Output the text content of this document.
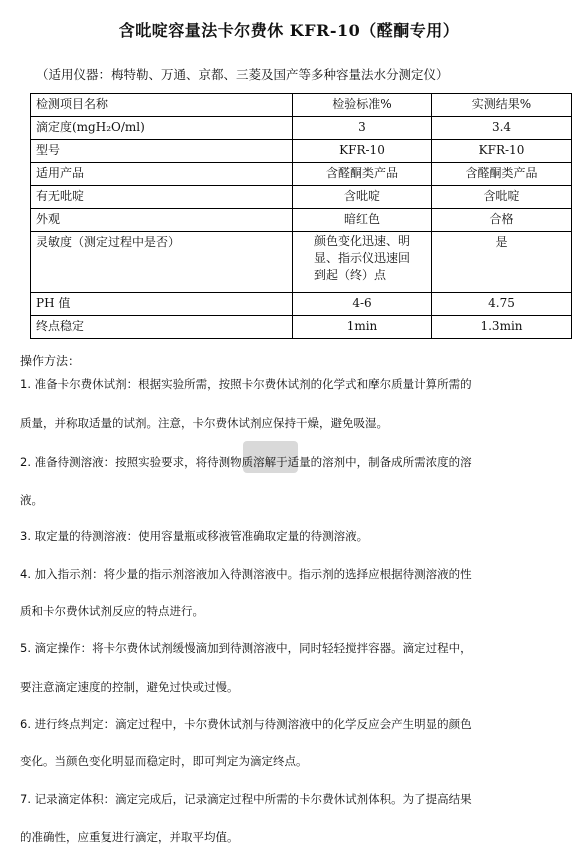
含吡啶容量法卡尔费休 KFR-10（醛酮专用）
（适用仪器：梅特勒、万通、京都、三菱及国产等多种容量法水分测定仪）
检测项目名称	检验标准%	实测结果%
滴定度(mgH₂O/ml)	3	3.4
型号	KFR-10	KFR-10
适用产品	含醛酮类产品	含醛酮类产品
有无吡啶	含吡啶	含吡啶
外观	暗红色	合格
灵敏度（测定过程中是否）	颜色变化迅速、明
显、指示仪迅速回
到起（终）点	是
PH 值	4-6	4.75
终点稳定	1min	1.3min
操作方法：
1. 准备卡尔费休试剂：根据实验所需，按照卡尔费休试剂的化学式和摩尔质量计算所需的
质量，并称取适量的试剂。注意，卡尔费休试剂应保持干燥，避免吸湿。
2. 准备待测溶液：按照实验要求，将待测物质溶解于适量的溶剂中，制备成所需浓度的溶
液。
3. 取定量的待测溶液：使用容量瓶或移液管准确取定量的待测溶液。
4. 加入指示剂：将少量的指示剂溶液加入待测溶液中。指示剂的选择应根据待测溶液的性
质和卡尔费休试剂反应的特点进行。
5. 滴定操作：将卡尔费休试剂缓慢滴加到待测溶液中，同时轻轻搅拌容器。滴定过程中，
要注意滴定速度的控制，避免过快或过慢。
6. 进行终点判定：滴定过程中，卡尔费休试剂与待测溶液中的化学反应会产生明显的颜色
变化。当颜色变化明显而稳定时，即可判定为滴定终点。
7. 记录滴定体积：滴定完成后，记录滴定过程中所需的卡尔费休试剂体积。为了提高结果
的准确性，应重复进行滴定，并取平均值。
